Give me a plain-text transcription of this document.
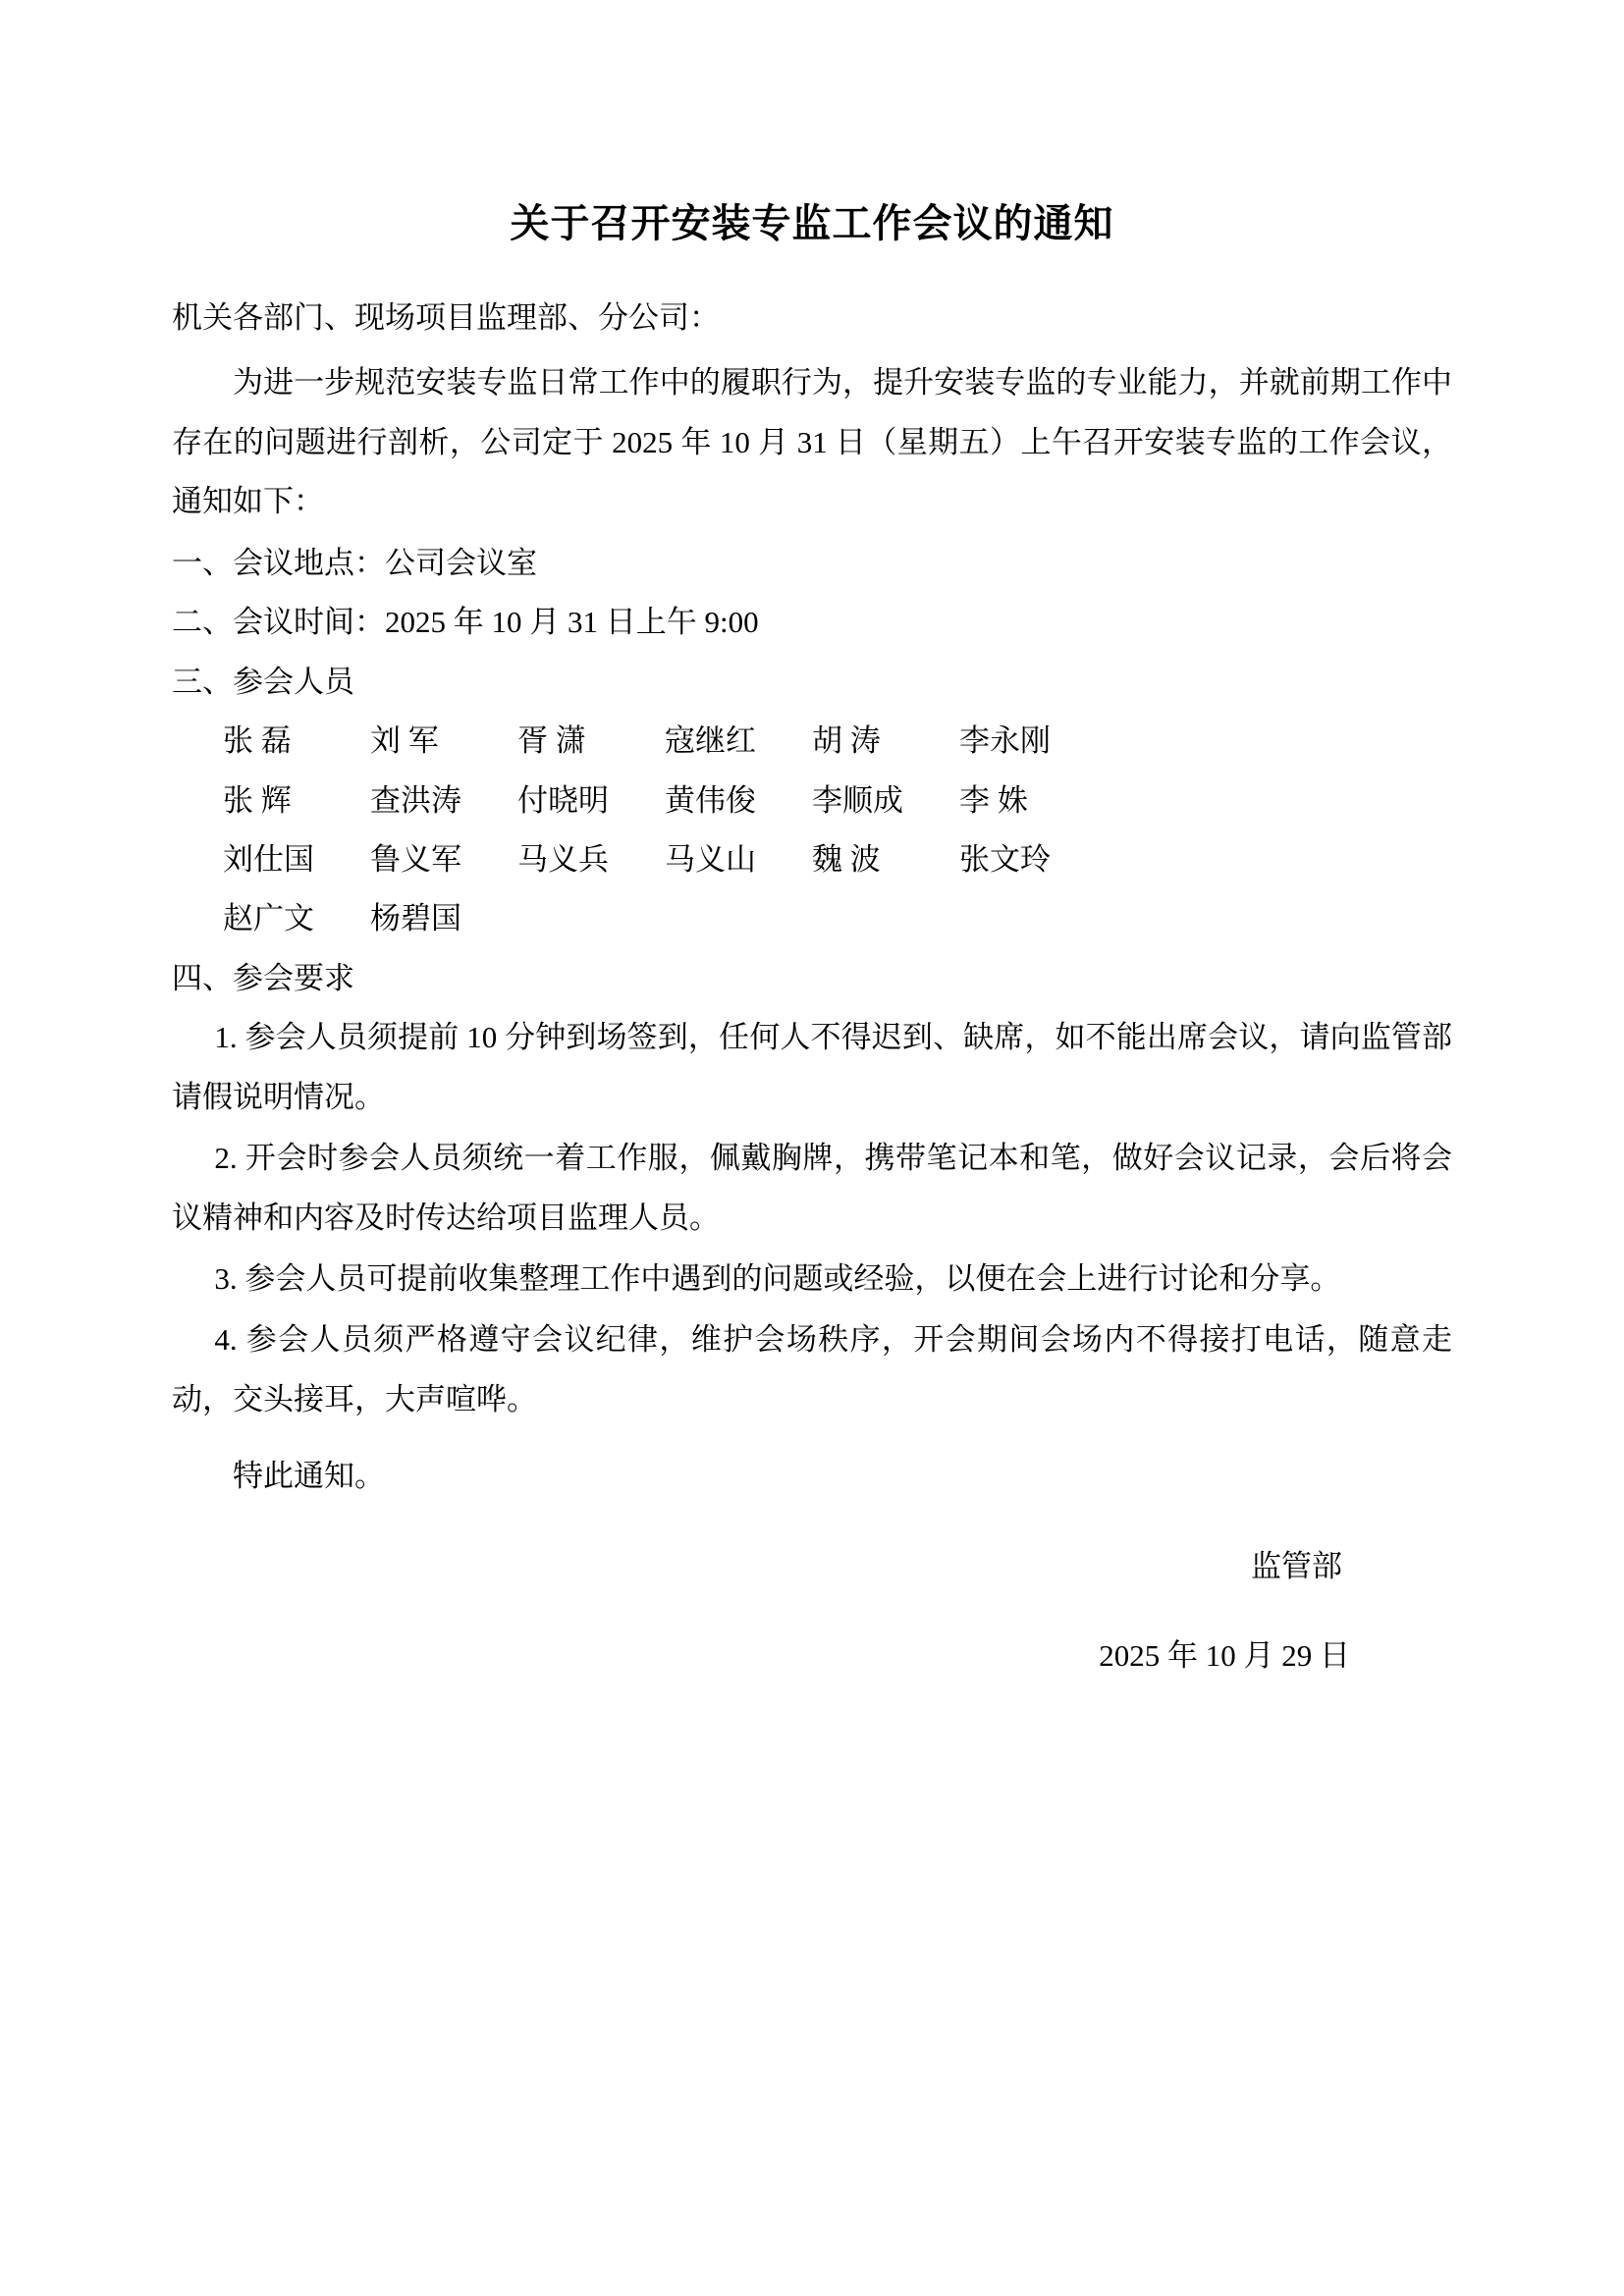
关于召开安装专监工作会议的通知
机关各部门、现场项目监理部、分公司：

为进一步规范安装专监日常工作中的履职行为，提升安装专监的专业能力，并就前期工作中存在的问题进行剖析，公司定于 2025 年 10 月 31 日（星期五）上午召开安装专监的工作会议，通知如下：

一、会议地点：公司会议室

二、会议时间：2025 年 10 月 31 日上午 9:00

三、参会人员

张 磊	刘 军	胥 潇	寇继红	胡 涛	李永刚
张 辉	查洪涛	付晓明	黄伟俊	李顺成	李 姝
刘仕国	鲁义军	马义兵	马义山	魏 波	张文玲
赵广文	杨碧国

四、参会要求

1. 参会人员须提前 10 分钟到场签到，任何人不得迟到、缺席，如不能出席会议，请向监管部请假说明情况。

2. 开会时参会人员须统一着工作服，佩戴胸牌，携带笔记本和笔，做好会议记录，会后将会议精神和内容及时传达给项目监理人员。

3. 参会人员可提前收集整理工作中遇到的问题或经验，以便在会上进行讨论和分享。

4. 参会人员须严格遵守会议纪律，维护会场秩序，开会期间会场内不得接打电话，随意走动，交头接耳，大声喧哗。

特此通知。

监管部

2025 年 10 月 29 日
